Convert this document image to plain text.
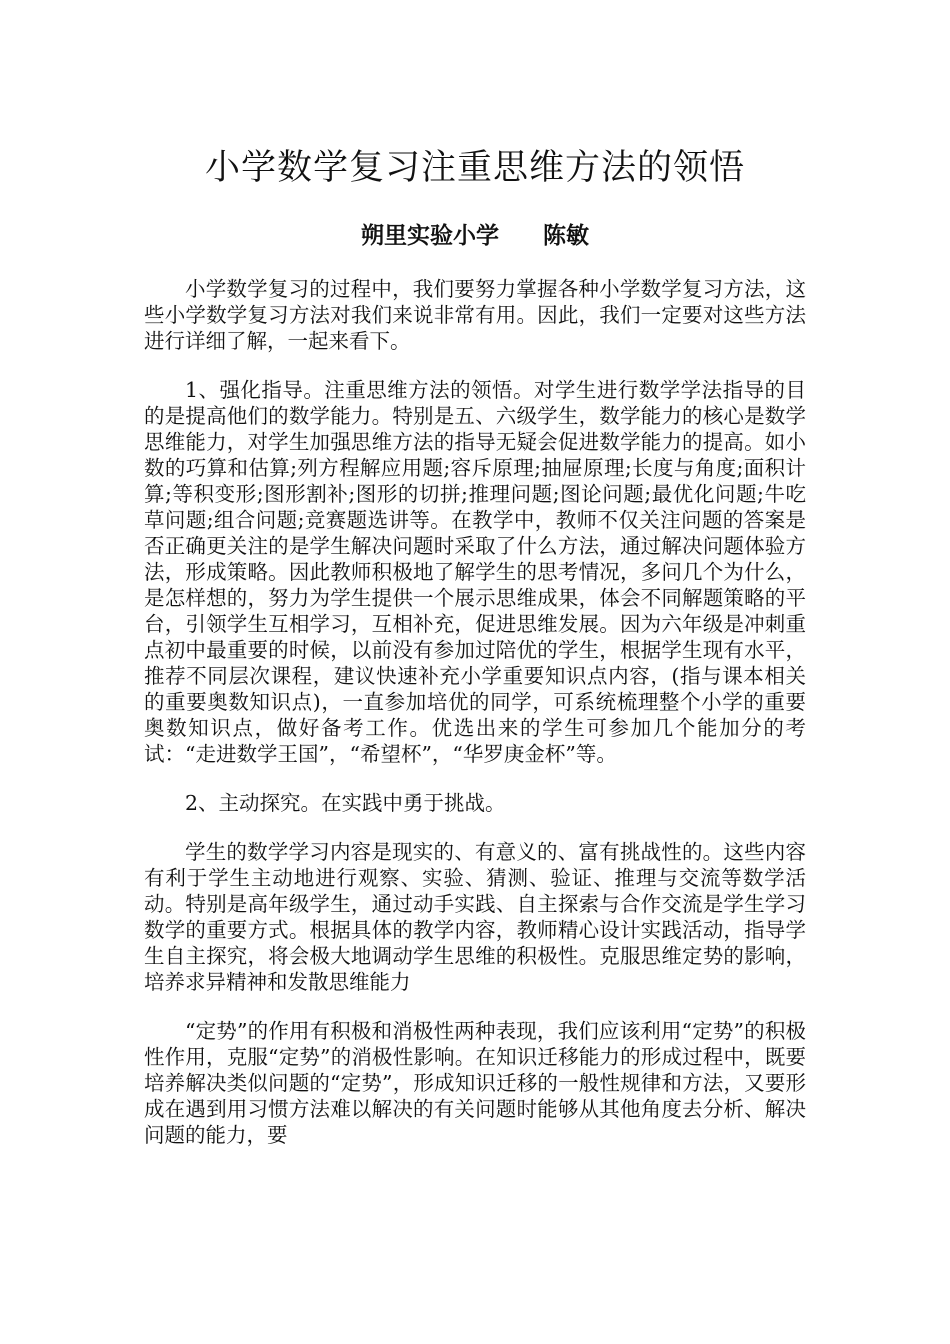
小学数学复习注重思维方法的领悟
朔里实验小学 陈敏

小学数学复习的过程中，我们要努力掌握各种小学数学复习方法，这些小学数学复习方法对我们来说非常有用。因此，我们一定要对这些方法进行详细了解，一起来看下。

1、强化指导。注重思维方法的领悟。对学生进行数学学法指导的目的是提高他们的数学能力。特别是五、六级学生，数学能力的核心是数学思维能力，对学生加强思维方法的指导无疑会促进数学能力的提高。如小数的巧算和估算;列方程解应用题;容斥原理;抽屉原理;长度与角度;面积计算;等积变形;图形割补;图形的切拼;推理问题;图论问题;最优化问题;牛吃草问题;组合问题;竞赛题选讲等。在教学中，教师不仅关注问题的答案是否正确更关注的是学生解决问题时采取了什么方法，通过解决问题体验方法，形成策略。因此教师积极地了解学生的思考情况，多问几个为什么，是怎样想的，努力为学生提供一个展示思维成果，体会不同解题策略的平台，引领学生互相学习，互相补充，促进思维发展。因为六年级是冲刺重点初中最重要的时候，以前没有参加过陪优的学生，根据学生现有水平，推荐不同层次课程，建议快速补充小学重要知识点内容，(指与课本相关的重要奥数知识点)，一直参加培优的同学，可系统梳理整个小学的重要奥数知识点，做好备考工作。优选出来的学生可参加几个能加分的考试：“走进数学王国”，“希望杯”，“华罗庚金杯”等。

2、主动探究。在实践中勇于挑战。

学生的数学学习内容是现实的、有意义的、富有挑战性的。这些内容有利于学生主动地进行观察、实验、猜测、验证、推理与交流等数学活动。特别是高年级学生，通过动手实践、自主探索与合作交流是学生学习数学的重要方式。根据具体的教学内容，教师精心设计实践活动，指导学生自主探究，将会极大地调动学生思维的积极性。克服思维定势的影响，培养求异精神和发散思维能力

“定势”的作用有积极和消极性两种表现，我们应该利用“定势”的积极性作用，克服“定势”的消极性影响。在知识迁移能力的形成过程中，既要培养解决类似问题的“定势”，形成知识迁移的一般性规律和方法，又要形成在遇到用习惯方法难以解决的有关问题时能够从其他角度去分析、解决问题的能力，要
